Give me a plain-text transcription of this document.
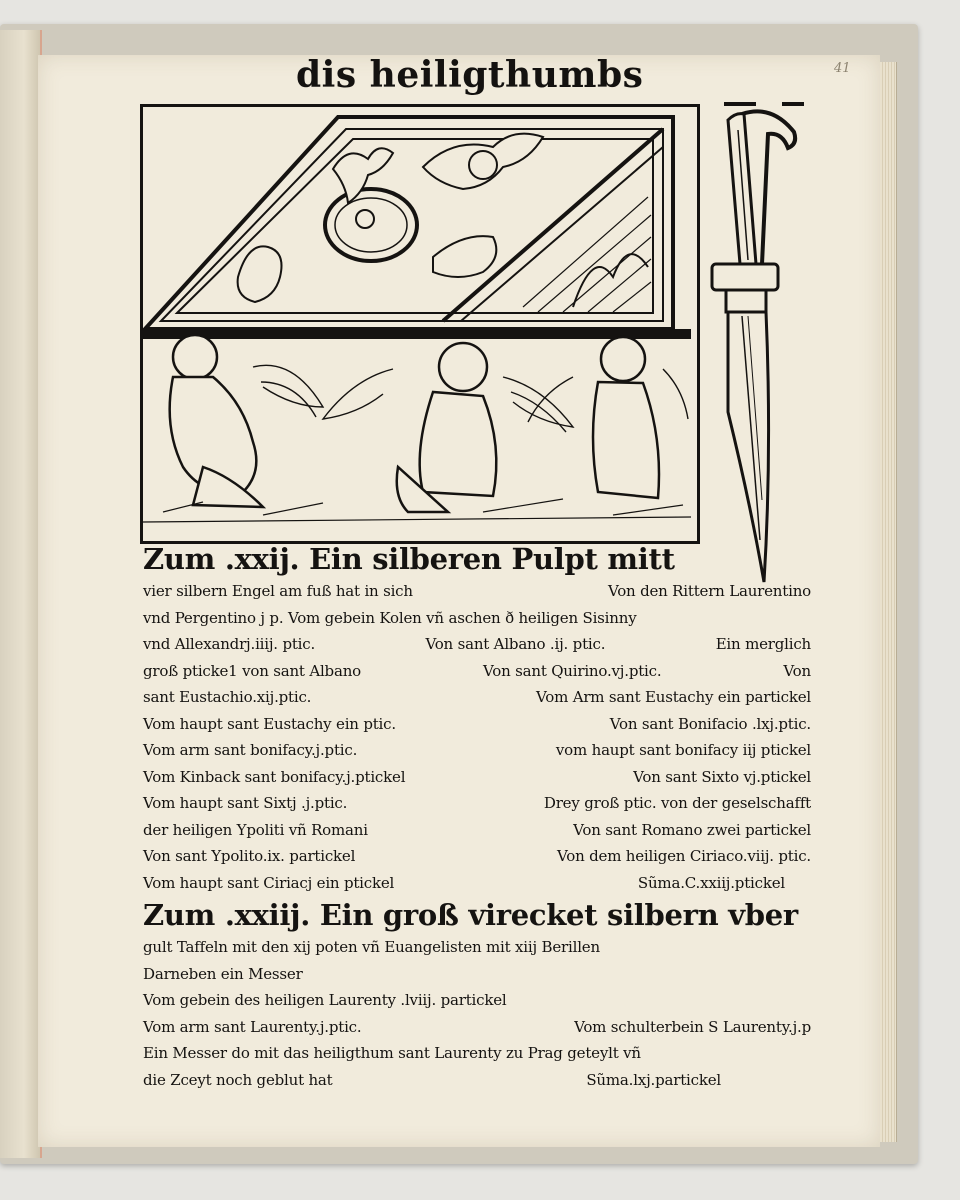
41
dis heiligthumbs
Zum .xxij. Ein silberen Pulpt mitt
vier silbern Engel am fuß hat in sich	Von den Rittern Laurentino
vnd Pergentino j p. Vom gebein Kolen vñ aschen ð heiligen Sisinny
vnd Allexandrj.iiij. ptic.	Von sant Albano .ij. ptic.	Ein merglich
groß pticke1 von sant Albano	Von sant Quirino.vj.ptic.	Von
sant Eustachio.xij.ptic.	Vom Arm sant Eustachy ein partickel
Vom haupt sant Eustachy ein ptic.	Von sant Bonifacio .lxj.ptic.
Vom arm sant bonifacy.j.ptic.	vom haupt sant bonifacy iij ptickel
Vom Kinback sant bonifacy.j.ptickel	Von sant Sixto vj.ptickel
Vom haupt sant Sixtj .j.ptic.	Drey groß ptic. von der geselschafft
der heiligen Ypoliti vñ Romani	Von sant Romano zwei partickel
Von sant Ypolito.ix. partickel	Von dem heiligen Ciriaco.viij. ptic.
Vom haupt sant Ciriacj ein ptickel	Sũma.C.xxiij.ptickel
Zum .xxiij. Ein groß virecket silbern vber
gult Taffeln mit den xij poten vñ Euangelisten mit xiij Berillen
Darneben ein Messer
Vom gebein des heiligen Laurenty .lviij. partickel
Vom arm sant Laurenty.j.ptic.	Vom schulterbein S Laurenty.j.p
Ein Messer do mit das heiligthum sant Laurenty zu Prag geteylt vñ
die Zceyt noch geblut hat	Sũma.lxj.partickel
